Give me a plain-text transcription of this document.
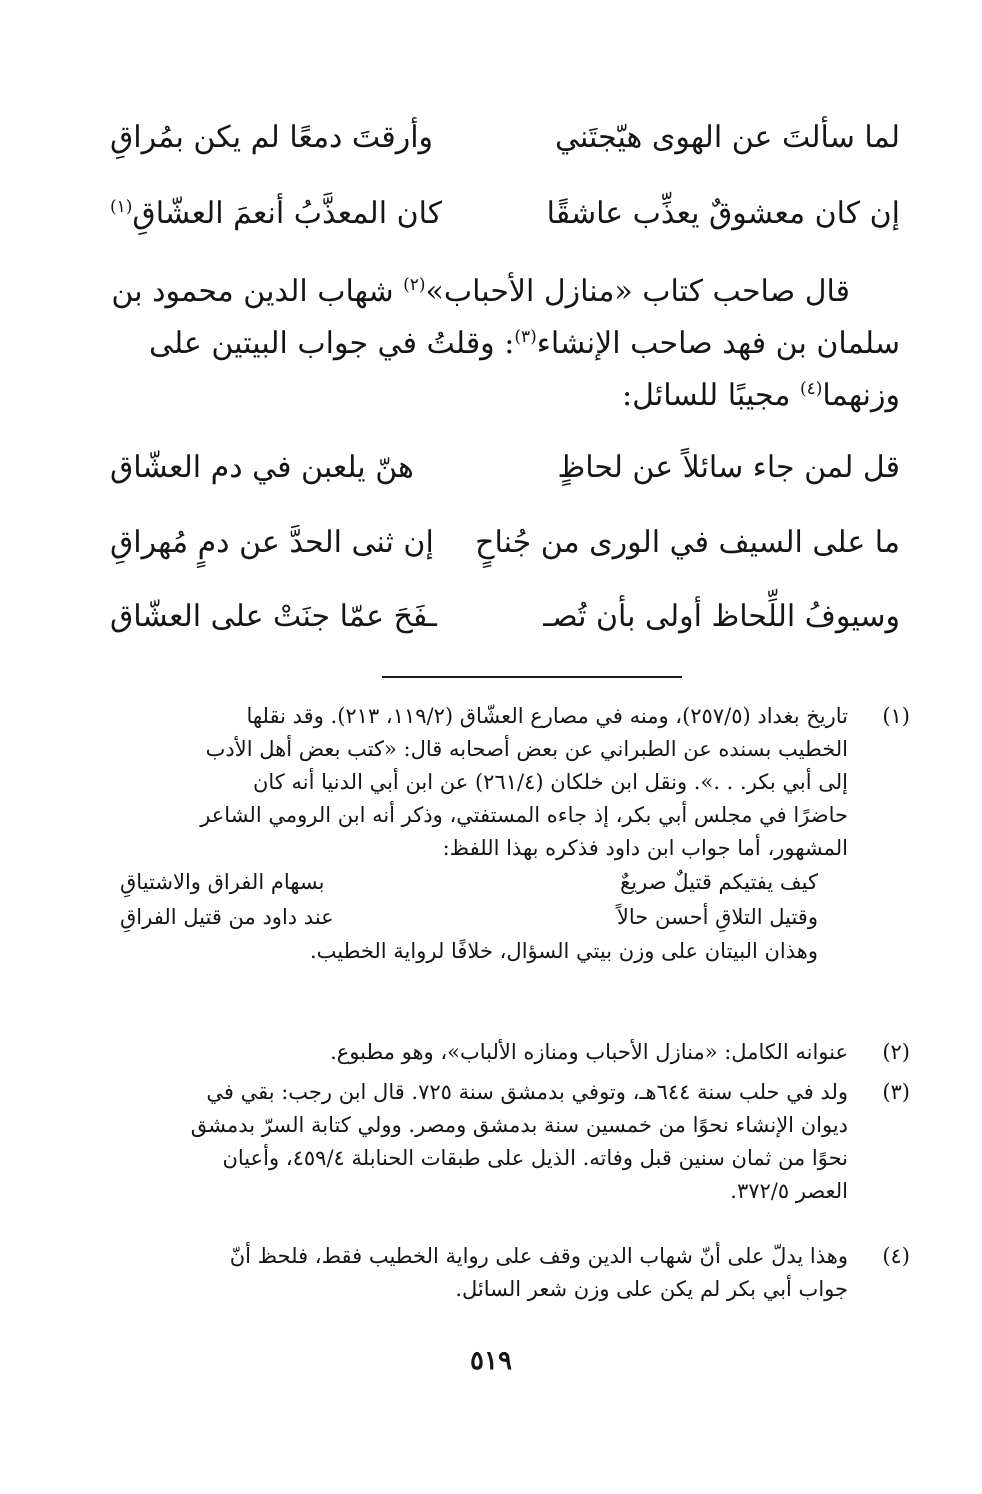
لما سألتَ عن الهوى هيّجتَني
وأرقتَ دمعًا لم يكن بمُراقِ
إن كان معشوقٌ يعذِّب عاشقًا
كان المعذَّبُ أنعمَ العشّاقِ$^{(١)}$
قال صاحب كتاب «منازل الأحباب»$^{(٢)}$ شهاب الدين محمود بن
سلمان بن فهد صاحب الإنشاء$^{(٣)}$: وقلتُ في جواب البيتين على
وزنهما$^{(٤)}$ مجيبًا للسائل:
قل لمن جاء سائلاً عن لحاظٍ
هنّ يلعبن في دم العشّاق
ما على السيف في الورى من جُناحٍ
إن ثنى الحدَّ عن دمٍ مُهراقِ
وسيوفُ اللِّحاظ أولى بأن تُصـ
ـفَحَ عمّا جنَتْ على العشّاق
(١)
تاريخ بغداد (٢٥٧/٥)، ومنه في مصارع العشّاق (١١٩/٢، ٢١٣). وقد نقلها
الخطيب بسنده عن الطبراني عن بعض أصحابه قال: «كتب بعض أهل الأدب
إلى أبي بكر. . .». ونقل ابن خلكان (٢٦١/٤) عن ابن أبي الدنيا أنه كان
حاضرًا في مجلس أبي بكر، إذ جاءه المستفتي، وذكر أنه ابن الرومي الشاعر
المشهور، أما جواب ابن داود فذكره بهذا اللفظ:
كيف يفتيكم قتيلٌ صريعٌ
بسهام الفراق والاشتياقِ
وقتيل التلاقِ أحسن حالاً
عند داود من قتيل الفراقِ
وهذان البيتان على وزن بيتي السؤال، خلافًا لرواية الخطيب.
(٢)
عنوانه الكامل: «منازل الأحباب ومنازه الألباب»، وهو مطبوع.
(٣)
ولد في حلب سنة ٦٤٤هـ، وتوفي بدمشق سنة ٧٢٥. قال ابن رجب: بقي في
ديوان الإنشاء نحوًا من خمسين سنة بدمشق ومصر. وولي كتابة السرّ بدمشق
نحوًا من ثمان سنين قبل وفاته. الذيل على طبقات الحنابلة ٤٥٩/٤، وأعيان
العصر ٣٧٢/٥.
(٤)
وهذا يدلّ على أنّ شهاب الدين وقف على رواية الخطيب فقط، فلحظ أنّ
جواب أبي بكر لم يكن على وزن شعر السائل.
٥١٩
